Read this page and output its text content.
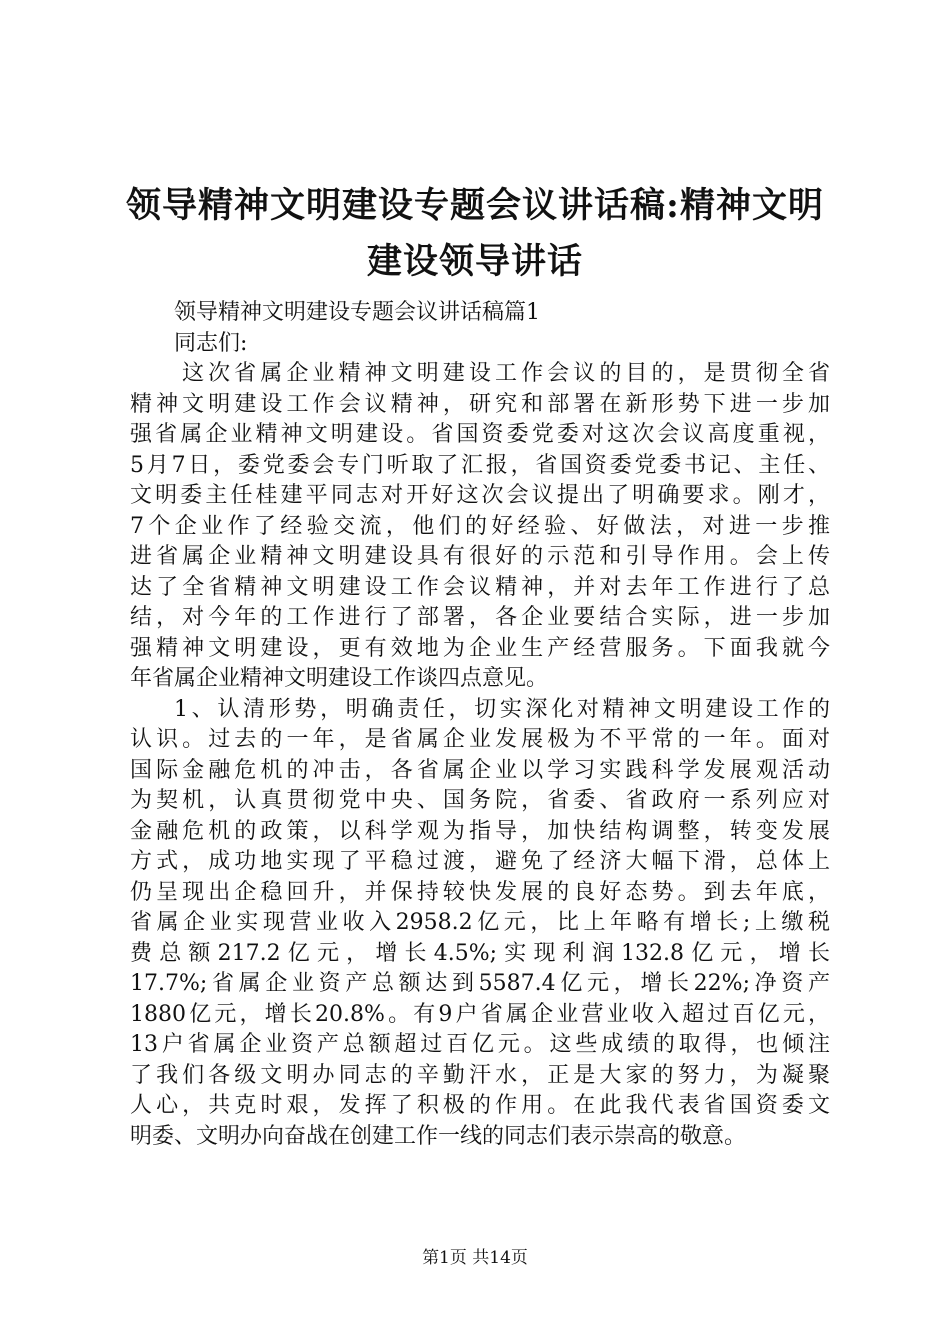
领导精神文明建设专题会议讲话稿:精神文明
建设领导讲话
领导精神文明建设专题会议讲话稿篇1
同志们:
这次省属企业精神文明建设工作会议的目的，是贯彻全省
精神文明建设工作会议精神，研究和部署在新形势下进一步加
强省属企业精神文明建设。省国资委党委对这次会议高度重视，
5月7日，委党委会专门听取了汇报，省国资委党委书记、主任、
文明委主任桂建平同志对开好这次会议提出了明确要求。刚才，
7个企业作了经验交流，他们的好经验、好做法，对进一步推
进省属企业精神文明建设具有很好的示范和引导作用。会上传
达了全省精神文明建设工作会议精神，并对去年工作进行了总
结，对今年的工作进行了部署，各企业要结合实际，进一步加
强精神文明建设，更有效地为企业生产经营服务。下面我就今
年省属企业精神文明建设工作谈四点意见。
1、认清形势，明确责任，切实深化对精神文明建设工作的
认识。过去的一年，是省属企业发展极为不平常的一年。面对
国际金融危机的冲击，各省属企业以学习实践科学发展观活动
为契机，认真贯彻党中央、国务院，省委、省政府一系列应对
金融危机的政策，以科学观为指导，加快结构调整，转变发展
方式，成功地实现了平稳过渡，避免了经济大幅下滑，总体上
仍呈现出企稳回升，并保持较快发展的良好态势。到去年底，
省属企业实现营业收入2958.2亿元，比上年略有增长;上缴税
费总额217.2亿元，增长4.5%;实现利润132.8亿元，增长
17.7%;省属企业资产总额达到5587.4亿元，增长22%;净资产
1880亿元，增长20.8%。有9户省属企业营业收入超过百亿元，
13户省属企业资产总额超过百亿元。这些成绩的取得，也倾注
了我们各级文明办同志的辛勤汗水，正是大家的努力，为凝聚
人心，共克时艰，发挥了积极的作用。在此我代表省国资委文
明委、文明办向奋战在创建工作一线的同志们表示崇高的敬意。
第1页 共14页
